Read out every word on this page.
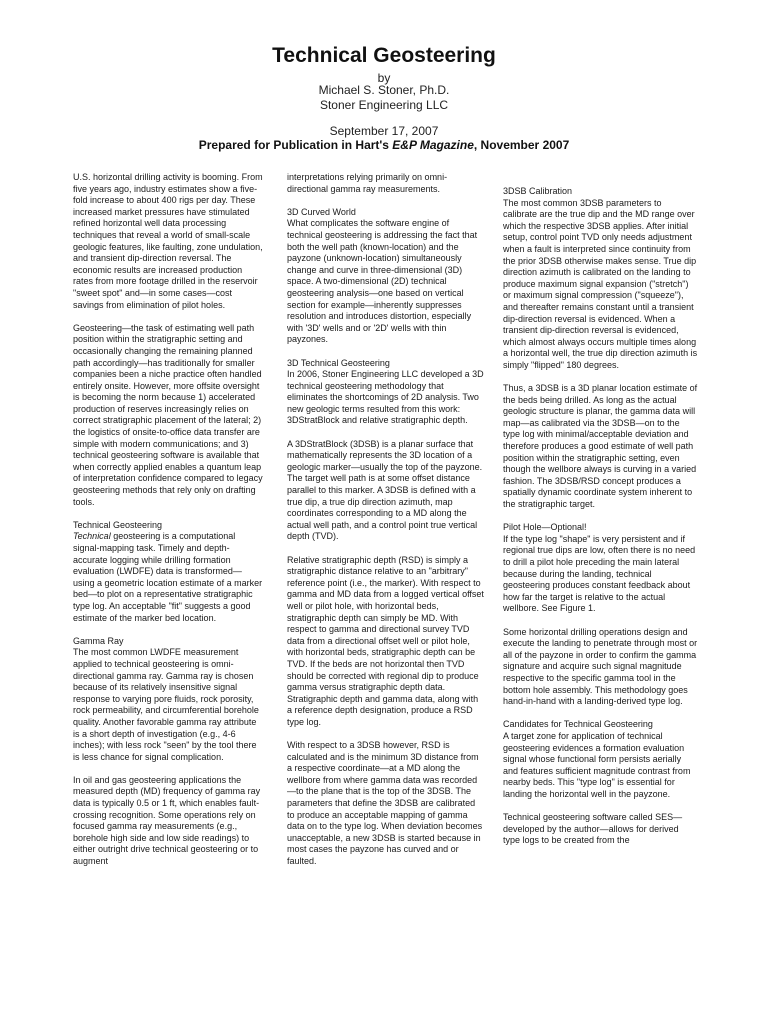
Technical Geosteering
by
Michael S. Stoner, Ph.D.
Stoner Engineering LLC
September 17, 2007
Prepared for Publication in Hart's E&P Magazine, November 2007

U.S. horizontal drilling activity is booming. From five years ago, industry estimates show a five-fold increase to about 400 rigs per day. These increased market pressures have stimulated refined horizontal well data processing techniques that reveal a world of small-scale geologic features, like faulting, zone undulation, and transient dip-direction reversal. The economic results are increased production rates from more footage drilled in the reservoir "sweet spot" and—in some cases—cost savings from elimination of pilot holes.

Geosteering—the task of estimating well path position within the stratigraphic setting and occasionally changing the remaining planned path accordingly—has traditionally for smaller companies been a niche practice often handled entirely onsite. However, more offsite oversight is becoming the norm because 1) accelerated production of reserves increasingly relies on correct stratigraphic placement of the lateral; 2) the logistics of onsite-to-office data transfer are simple with modern communications; and 3) technical geosteering software is available that when correctly applied enables a quantum leap of interpretation confidence compared to legacy geosteering methods that rely only on drafting tools.

Technical Geosteering

Technical geosteering is a computational signal-mapping task. Timely and depth-accurate logging while drilling formation evaluation (LWDFE) data is transformed—using a geometric location estimate of a marker bed—to plot on a representative stratigraphic type log. An acceptable "fit" suggests a good estimate of the marker bed location.

Gamma Ray

The most common LWDFE measurement applied to technical geosteering is omni-directional gamma ray. Gamma ray is chosen because of its relatively insensitive signal response to varying pore fluids, rock porosity, rock permeability, and circumferential borehole quality. Another favorable gamma ray attribute is a short depth of investigation (e.g., 4-6 inches); with less rock "seen" by the tool there is less chance for signal complication.

In oil and gas geosteering applications the measured depth (MD) frequency of gamma ray data is typically 0.5 or 1 ft, which enables fault-crossing recognition. Some operations rely on focused gamma ray measurements (e.g., borehole high side and low side readings) to either outright drive technical geosteering or to augment

interpretations relying primarily on omni-directional gamma ray measurements.

3D Curved World

What complicates the software engine of technical geosteering is addressing the fact that both the well path (known-location) and the payzone (unknown-location) simultaneously change and curve in three-dimensional (3D) space. A two-dimensional (2D) technical geosteering analysis—one based on vertical section for example—inherently suppresses resolution and introduces distortion, especially with '3D' wells and or '2D' wells with thin payzones.

3D Technical Geosteering

In 2006, Stoner Engineering LLC developed a 3D technical geosteering methodology that eliminates the shortcomings of 2D analysis. Two new geologic terms resulted from this work: 3DStratBlock and relative stratigraphic depth.

A 3DStratBlock (3DSB) is a planar surface that mathematically represents the 3D location of a geologic marker—usually the top of the payzone. The target well path is at some offset distance parallel to this marker. A 3DSB is defined with a true dip, a true dip direction azimuth, map coordinates corresponding to a MD along the actual well path, and a control point true vertical depth (TVD).

Relative stratigraphic depth (RSD) is simply a stratigraphic distance relative to an "arbitrary" reference point (i.e., the marker). With respect to gamma and MD data from a logged vertical offset well or pilot hole, with horizontal beds, stratigraphic depth can simply be MD. With respect to gamma and directional survey TVD data from a directional offset well or pilot hole, with horizontal beds, stratigraphic depth can be TVD. If the beds are not horizontal then TVD should be corrected with regional dip to produce gamma versus stratigraphic depth data. Stratigraphic depth and gamma data, along with a reference depth designation, produce a RSD type log.

With respect to a 3DSB however, RSD is calculated and is the minimum 3D distance from a respective coordinate—at a MD along the wellbore from where gamma data was recorded—to the plane that is the top of the 3DSB. The parameters that define the 3DSB are calibrated to produce an acceptable mapping of gamma data on to the type log. When deviation becomes unacceptable, a new 3DSB is started because in most cases the payzone has curved and or faulted.

3DSB Calibration

The most common 3DSB parameters to calibrate are the true dip and the MD range over which the respective 3DSB applies. After initial setup, control point TVD only needs adjustment when a fault is interpreted since continuity from the prior 3DSB otherwise makes sense. True dip direction azimuth is calibrated on the landing to produce maximum signal expansion ("stretch") or maximum signal compression ("squeeze"), and thereafter remains constant until a transient dip-direction reversal is evidenced. When a transient dip-direction reversal is evidenced, which almost always occurs multiple times along a horizontal well, the true dip direction azimuth is simply "flipped" 180 degrees.

Thus, a 3DSB is a 3D planar location estimate of the beds being drilled. As long as the actual geologic structure is planar, the gamma data will map—as calibrated via the 3DSB—on to the type log with minimal/acceptable deviation and therefore produces a good estimate of well path position within the stratigraphic setting, even though the wellbore always is curving in a varied fashion. The 3DSB/RSD concept produces a spatially dynamic coordinate system inherent to the stratigraphic target.

Pilot Hole—Optional!

If the type log "shape" is very persistent and if regional true dips are low, often there is no need to drill a pilot hole preceding the main lateral because during the landing, technical geosteering produces constant feedback about how far the target is relative to the actual wellbore. See Figure 1.

Some horizontal drilling operations design and execute the landing to penetrate through most or all of the payzone in order to confirm the gamma signature and acquire such signal magnitude respective to the specific gamma tool in the bottom hole assembly. This methodology goes hand-in-hand with a landing-derived type log.

Candidates for Technical Geosteering

A target zone for application of technical geosteering evidences a formation evaluation signal whose functional form persists aerially and features sufficient magnitude contrast from nearby beds. This "type log" is essential for landing the horizontal well in the payzone.

Technical geosteering software called SES—developed by the author—allows for derived type logs to be created from the
